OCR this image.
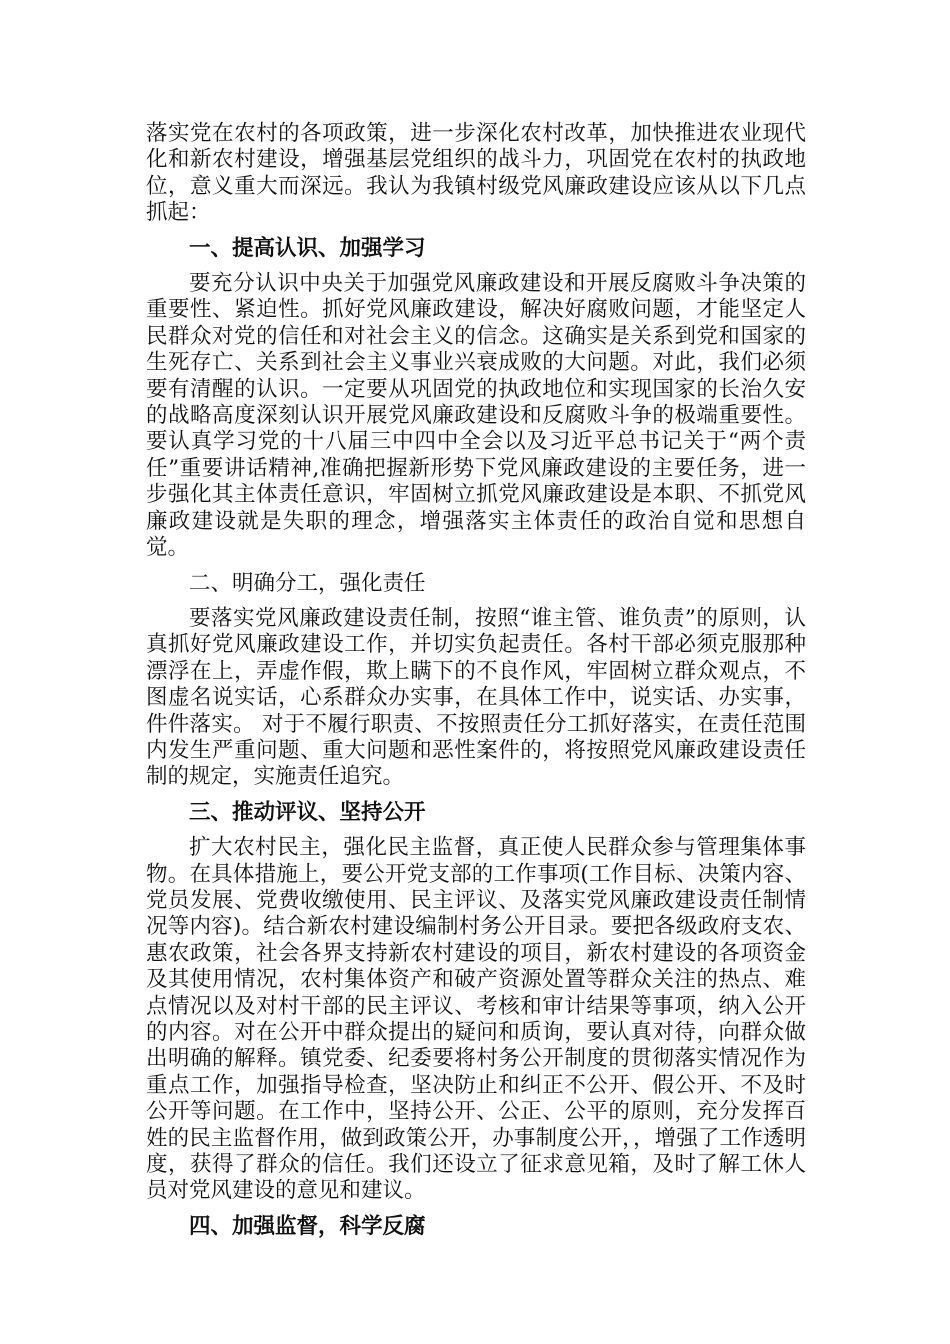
落实党在农村的各项政策，进一步深化农村改革，加快推进农业现代化和新农村建设，增强基层党组织的战斗力，巩固党在农村的执政地位，意义重大而深远。我认为我镇村级党风廉政建设应该从以下几点抓起：

一、提高认识、加强学习

要充分认识中央关于加强党风廉政建设和开展反腐败斗争决策的重要性、紧迫性。抓好党风廉政建设，解决好腐败问题，才能坚定人民群众对党的信任和对社会主义的信念。这确实是关系到党和国家的生死存亡、关系到社会主义事业兴衰成败的大问题。对此，我们必须要有清醒的认识。一定要从巩固党的执政地位和实现国家的长治久安的战略高度深刻认识开展党风廉政建设和反腐败斗争的极端重要性。要认真学习党的十八届三中四中全会以及习近平总书记关于“两个责任”重要讲话精神,准确把握新形势下党风廉政建设的主要任务，进一步强化其主体责任意识，牢固树立抓党风廉政建设是本职、不抓党风廉政建设就是失职的理念，增强落实主体责任的政治自觉和思想自觉。

二、明确分工，强化责任

要落实党风廉政建设责任制，按照“谁主管、谁负责”的原则，认真抓好党风廉政建设工作，并切实负起责任。各村干部必须克服那种漂浮在上，弄虚作假，欺上瞒下的不良作风，牢固树立群众观点，不图虚名说实话，心系群众办实事，在具体工作中，说实话、办实事，件件落实。 对于不履行职责、不按照责任分工抓好落实，在责任范围内发生严重问题、重大问题和恶性案件的，将按照党风廉政建设责任制的规定，实施责任追究。

三、推动评议、坚持公开

扩大农村民主，强化民主监督，真正使人民群众参与管理集体事物。在具体措施上，要公开党支部的工作事项(工作目标、决策内容、党员发展、党费收缴使用、民主评议、及落实党风廉政建设责任制情况等内容)。结合新农村建设编制村务公开目录。要把各级政府支农、惠农政策，社会各界支持新农村建设的项目，新农村建设的各项资金及其使用情况，农村集体资产和破产资源处置等群众关注的热点、难点情况以及对村干部的民主评议、考核和审计结果等事项，纳入公开的内容。对在公开中群众提出的疑问和质询，要认真对待，向群众做出明确的解释。镇党委、纪委要将村务公开制度的贯彻落实情况作为重点工作，加强指导检查，坚决防止和纠正不公开、假公开、不及时公开等问题。在工作中，坚持公开、公正、公平的原则，充分发挥百姓的民主监督作用，做到政策公开，办事制度公开，，增强了工作透明度，获得了群众的信任。我们还设立了征求意见箱，及时了解工休人员对党风建设的意见和建议。

四、加强监督，科学反腐
